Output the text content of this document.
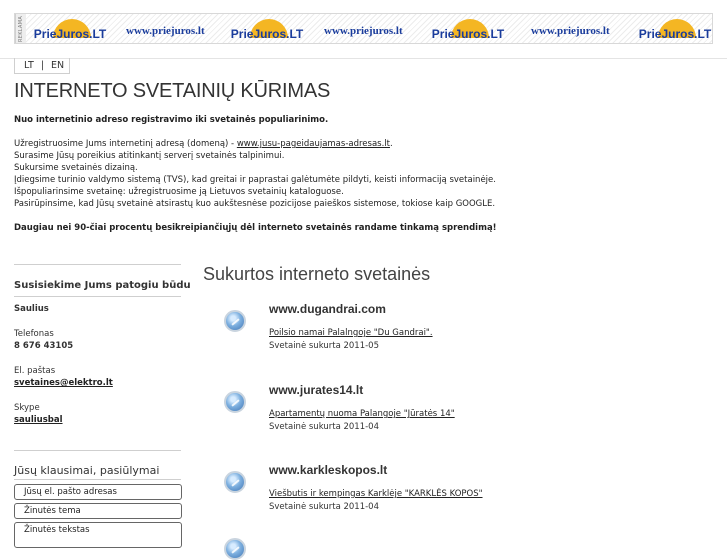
REKLAMA PrieJuros.LT www.priejuros.lt PrieJuros.LT www.priejuros.lt PrieJuros.LT www.priejuros.lt PrieJuros.LT
LT | EN
INTERNETO SVETAINIŲ KŪRIMAS
Nuo internetinio adreso registravimo iki svetainės populiarinimo.
Užregistruosime Jums internetinį adresą (domeną) - www.jusu-pageidaujamas-adresas.lt.
Surasime Jūsų poreikius atitinkantį serverį svetainės talpinimui.
Sukursime svetainės dizainą.
Įdiegsime turinio valdymo sistemą (TVS), kad greitai ir paprastai galėtumėte pildyti, keisti informaciją svetainėje.
Išpopuliarinsime svetainę: užregistruosime ją Lietuvos svetainių kataloguose.
Pasirūpinsime, kad Jūsų svetainė atsirastų kuo aukštesnėse pozicijose paieškos sistemose, tokiose kaip GOOGLE.
Daugiau nei 90-čiai procentų besikreipiančiųjų dėl interneto svetainės randame tinkamą sprendimą!
Susisiekime Jums patogiu būdu
Saulius
Telefonas
8 676 43105
El. paštas
svetaines@elektro.lt
Skype
sauliusbal
Jūsų klausimai, pasiūlymai
Jūsų el. pašto adresas
Žinutės tema
Žinutės tekstas
Sukurtos interneto svetainės
www.dugandrai.com
Poilsio namai Palalngoje "Du Gandrai".
Svetainė sukurta 2011-05
www.jurates14.lt
Apartamentų nuoma Palangoje "Jūratės 14"
Svetainė sukurta 2011-04
www.karkleskopos.lt
Viešbutis ir kempingas Karklėje "KARKLĖS KOPOS"
Svetainė sukurta 2011-04
